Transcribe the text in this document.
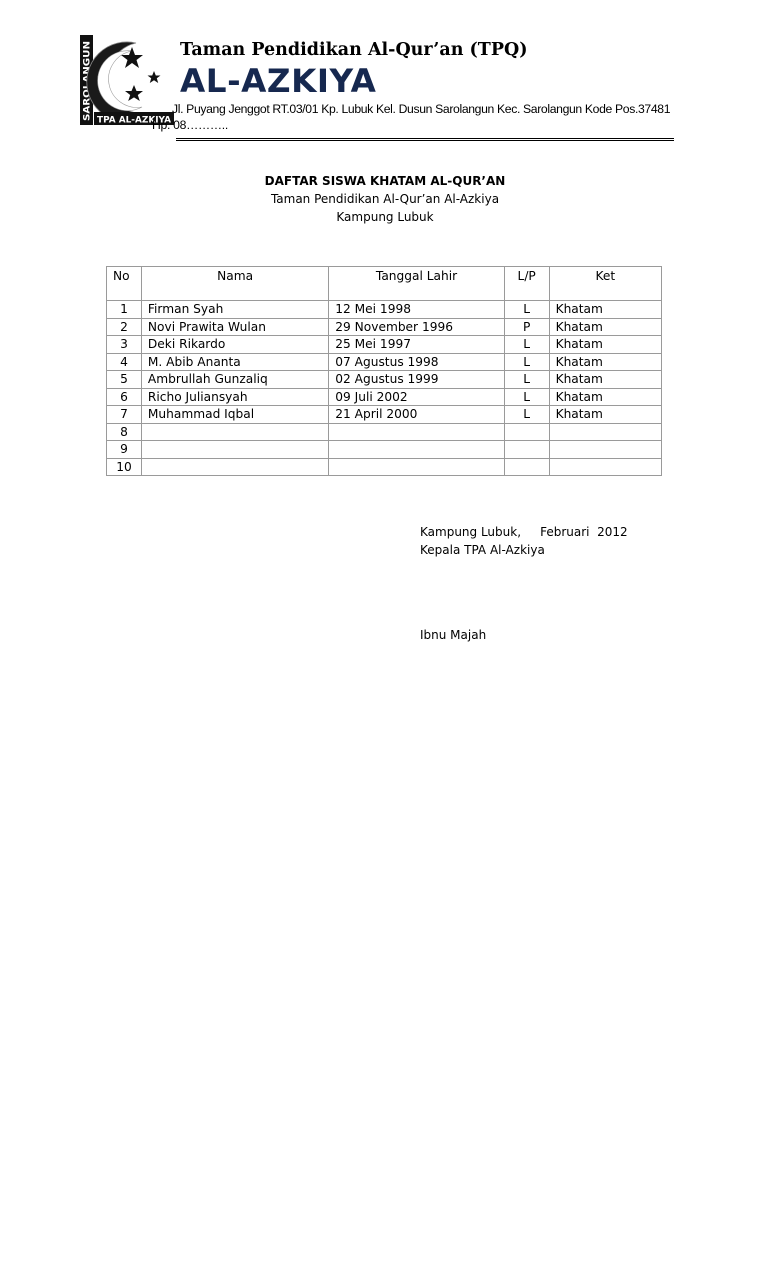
TPA AL-AZKIYA
Taman Pendidikan Al-Qur’an (TPQ)
AL-AZKIYA
Jl. Puyang Jenggot RT.03/01 Kp. Lubuk Kel. Dusun Sarolangun Kec. Sarolangun Kode Pos.37481
Hp. 08………..
DAFTAR SISWA KHATAM AL-QUR’AN
Taman Pendidikan Al-Qur’an Al-Azkiya
Kampung Lubuk
No	Nama	Tanggal Lahir	L/P	Ket
1	Firman Syah	12 Mei 1998	L	Khatam
2	Novi Prawita Wulan	29 November 1996	P	Khatam
3	Deki Rikardo	25 Mei 1997	L	Khatam
4	M. Abib Ananta	07 Agustus 1998	L	Khatam
5	Ambrullah Gunzaliq	02 Agustus 1999	L	Khatam
6	Richo Juliansyah	09 Juli 2002	L	Khatam
7	Muhammad Iqbal	21 April 2000	L	Khatam
8				
9				
10				
Kampung Lubuk,     Februari  2012
Kepala TPA Al-Azkiya
Ibnu Majah
